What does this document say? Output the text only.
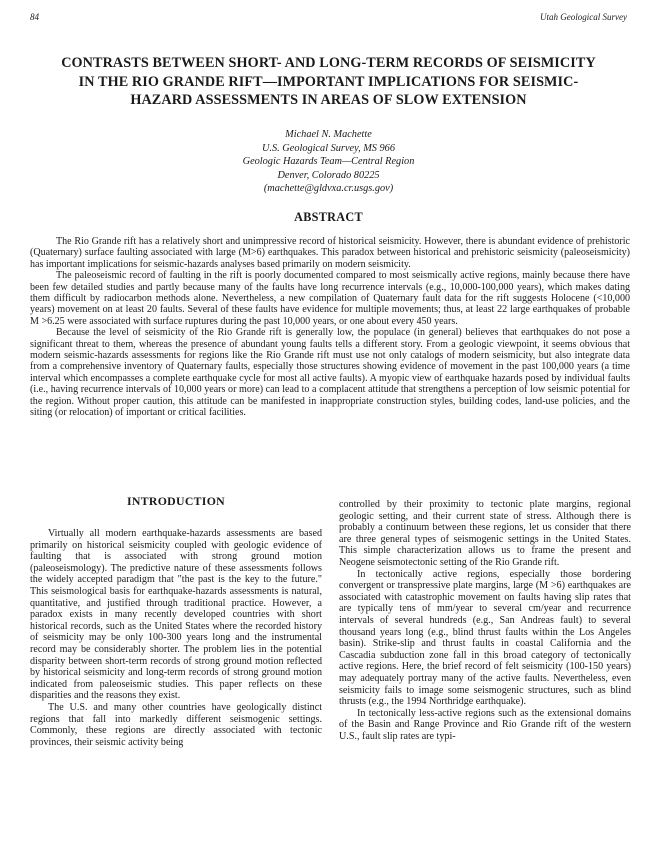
84	Utah Geological Survey
CONTRASTS BETWEEN SHORT- AND LONG-TERM RECORDS OF SEISMICITY
IN THE RIO GRANDE RIFT—IMPORTANT IMPLICATIONS FOR SEISMIC-
HAZARD ASSESSMENTS IN AREAS OF SLOW EXTENSION
Michael N. Machette
U.S. Geological Survey, MS 966
Geologic Hazards Team—Central Region
Denver, Colorado 80225
(machette@gldvxa.cr.usgs.gov)
ABSTRACT

The Rio Grande rift has a relatively short and unimpressive record of historical seismicity. However, there is abundant evidence of prehistoric (Quaternary) surface faulting associated with large (M>6) earthquakes. This paradox between historical and prehistoric seismicity (paleoseismicity) has important implications for seismic-hazards analyses based primarily on modern seismicity.

The paleoseismic record of faulting in the rift is poorly documented compared to most seismically active regions, mainly because there have been few detailed studies and partly because many of the faults have long recurrence intervals (e.g., 10,000-100,000 years), which makes dating them difficult by radiocarbon methods alone. Nevertheless, a new compilation of Quaternary fault data for the rift suggests Holocene (<10,000 years) movement on at least 20 faults. Several of these faults have evidence for multiple movements; thus, at least 22 large earthquakes of probable M >6.25 were associated with surface ruptures during the past 10,000 years, or one about every 450 years.

Because the level of seismicity of the Rio Grande rift is generally low, the populace (in general) believes that earthquakes do not pose a significant threat to them, whereas the presence of abundant young faults tells a different story. From a geologic viewpoint, it seems obvious that modern seismic-hazards assessments for regions like the Rio Grande rift must use not only catalogs of modern seismicity, but also integrate data from a comprehensive inventory of Quaternary faults, especially those structures showing evidence of movement in the past 100,000 years (a time interval which encompasses a complete earthquake cycle for most all active faults). A myopic view of earthquake hazards posed by individual faults (i.e., having recurrence intervals of 10,000 years or more) can lead to a complacent attitude that strengthens a perception of low seismic potential for the region. Without proper caution, this attitude can be manifested in inappropriate construction styles, building codes, land-use policies, and the siting (or relocation) of important or critical facilities.

INTRODUCTION

Virtually all modern earthquake-hazards assessments are based primarily on historical seismicity coupled with geologic evidence of faulting that is associated with strong ground motion (paleoseismology). The predictive nature of these assessments follows the widely accepted paradigm that "the past is the key to the future." This seismological basis for earthquake-hazards assessments is natural, quantitative, and justified through traditional practice. However, a paradox exists in many recently developed countries with short historical records, such as the United States where the recorded history of seismicity may be only 100-300 years long and the instrumental record may be considerably shorter. The problem lies in the potential disparity between short-term records of strong ground motion reflected by historical seismicity and long-term records of strong ground motion indicated from paleoseismic studies. This paper reflects on these disparities and the reasons they exist.

The U.S. and many other countries have geologically distinct regions that fall into markedly different seismogenic settings. Commonly, these regions are directly associated with tectonic provinces, their seismic activity being

controlled by their proximity to tectonic plate margins, regional geologic setting, and their current state of stress. Although there is probably a continuum between these regions, let us consider that there are three general types of seismogenic settings in the United States. This simple characterization allows us to frame the present and Neogene seismotectonic setting of the Rio Grande rift.

In tectonically active regions, especially those bordering convergent or transpressive plate margins, large (M >6) earthquakes are associated with catastrophic movement on faults having slip rates that are typically tens of mm/year to several cm/year and recurrence intervals of several hundreds (e.g., San Andreas fault) to several thousand years long (e.g., blind thrust faults within the Los Angeles basin). Strike-slip and thrust faults in coastal California and the Cascadia subduction zone fall in this broad category of tectonically active regions. Here, the brief record of felt seismicity (100-150 years) may adequately portray many of the active faults. Nevertheless, even seismicity fails to image some seismogenic structures, such as blind thrusts (e.g., the 1994 Northridge earthquake).

In tectonically less-active regions such as the extensional domains of the Basin and Range Province and Rio Grande rift of the western U.S., fault slip rates are typi-
